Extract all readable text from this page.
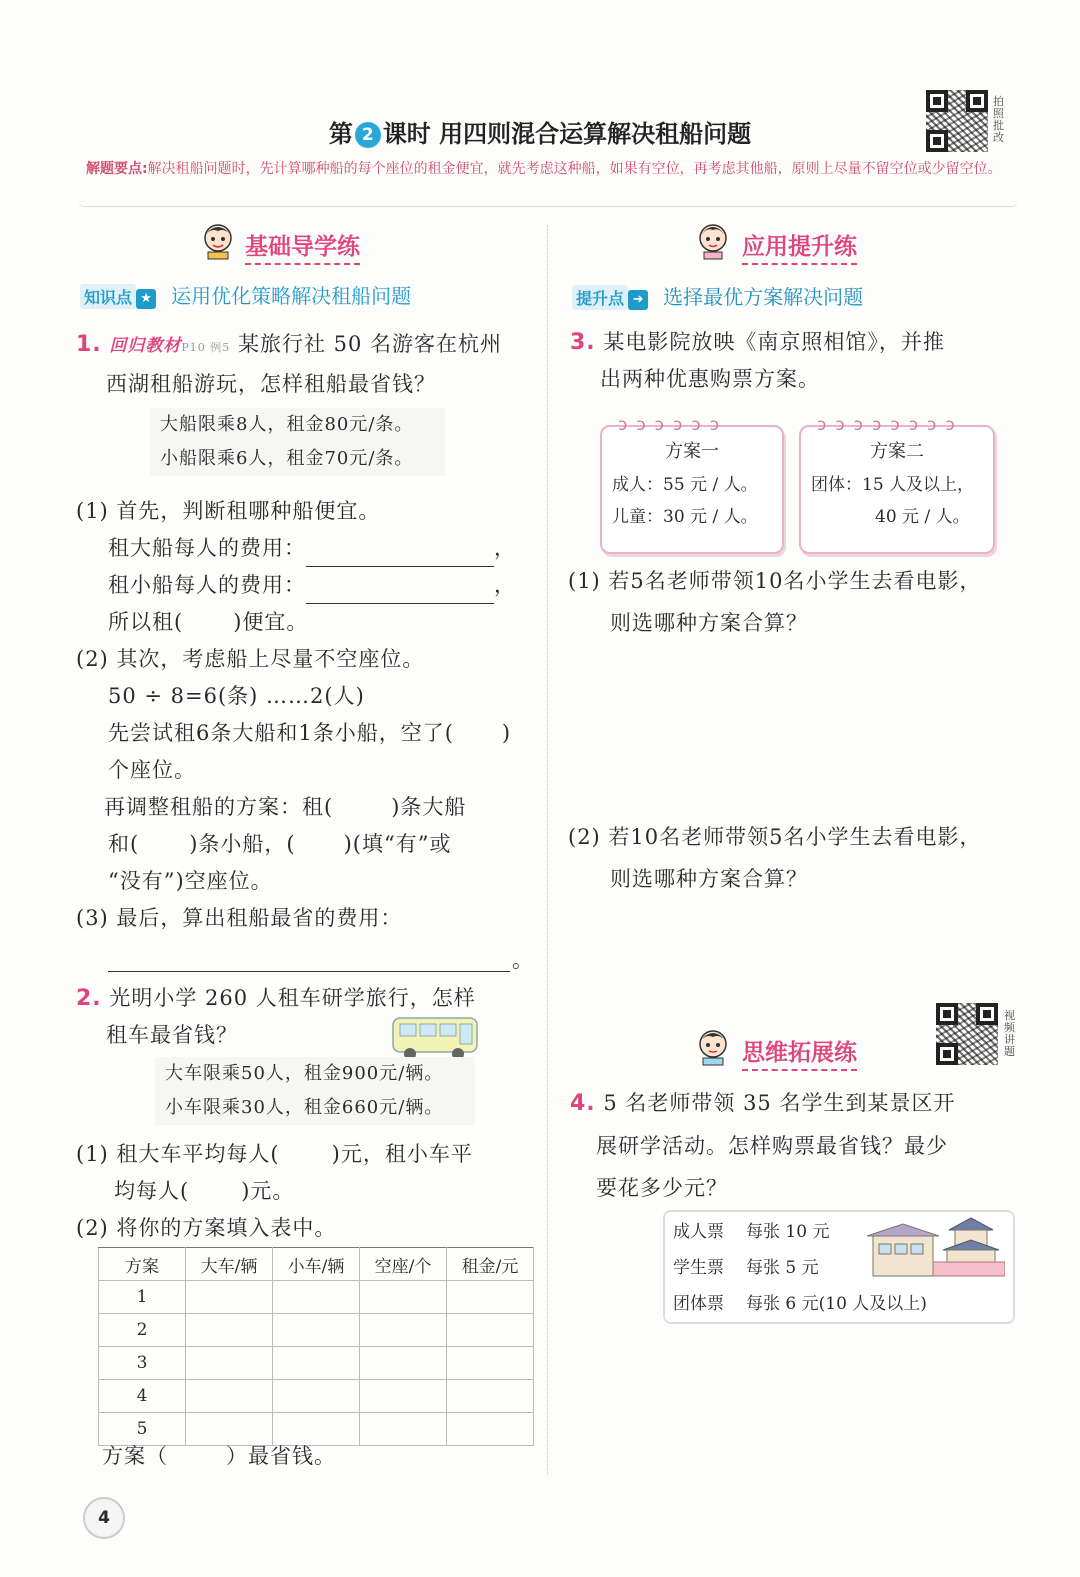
第 2 课时 用四则混合运算解决租船问题
拍照批改
解题要点:解决租船问题时，先计算哪种船的每个座位的租金便宜，就先考虑这种船，如果有空位，再考虑其他船，原则上尽量不留空位或少留空位。
基础导学练
知识点 ★ 运用优化策略解决租船问题
1. 回归教材P10 例5 某旅行社 50 名游客在杭州
西湖租船游玩，怎样租船最省钱？
大船限乘8人，租金80元/条。
小船限乘6人，租金70元/条。
(1) 首先，判断租哪种船便宜。
租大船每人的费用：	，
租小船每人的费用：	，
所以租( )便宜。
(2) 其次，考虑船上尽量不空座位。
50 ÷ 8=6(条) ……2(人)
先尝试租6条大船和1条小船，空了( )
个座位。
再调整租船的方案：租(	)条大船
和( )条小船，( )(填“有”或
“没有”)空座位。
(3) 最后，算出租船最省的费用：
。
2. 光明小学 260 人租车研学旅行，怎样
租车最省钱？
大车限乘50人，租金900元/辆。
小车限乘30人，租金660元/辆。
(1) 租大车平均每人( )元，租小车平
均每人( )元。
(2) 将你的方案填入表中。
方案	大车/辆	小车/辆	空座/个	租金/元
1				
2				
3				
4				
5				
方案（	）最省钱。
应用提升练
提升点 ➜ 选择最优方案解决问题
3. 某电影院放映《南京照相馆》，并推
出两种优惠购票方案。
ↄↄↄↄↄↄ
方案一
成人：55 元 / 人。
儿童：30 元 / 人。
ↄↄↄↄↄↄↄↄ
方案二
团体：15 人及以上，
40 元 / 人。
(1) 若5名老师带领10名小学生去看电影，
则选哪种方案合算？
(2) 若10名老师带领5名小学生去看电影，
则选哪种方案合算？
思维拓展练
视频讲题
4. 5 名老师带领 35 名学生到某景区开
展研学活动。怎样购票最省钱？最少
要花多少元？
成人票 每张 10 元
学生票 每张 5 元
团体票 每张 6 元(10 人及以上)
4
